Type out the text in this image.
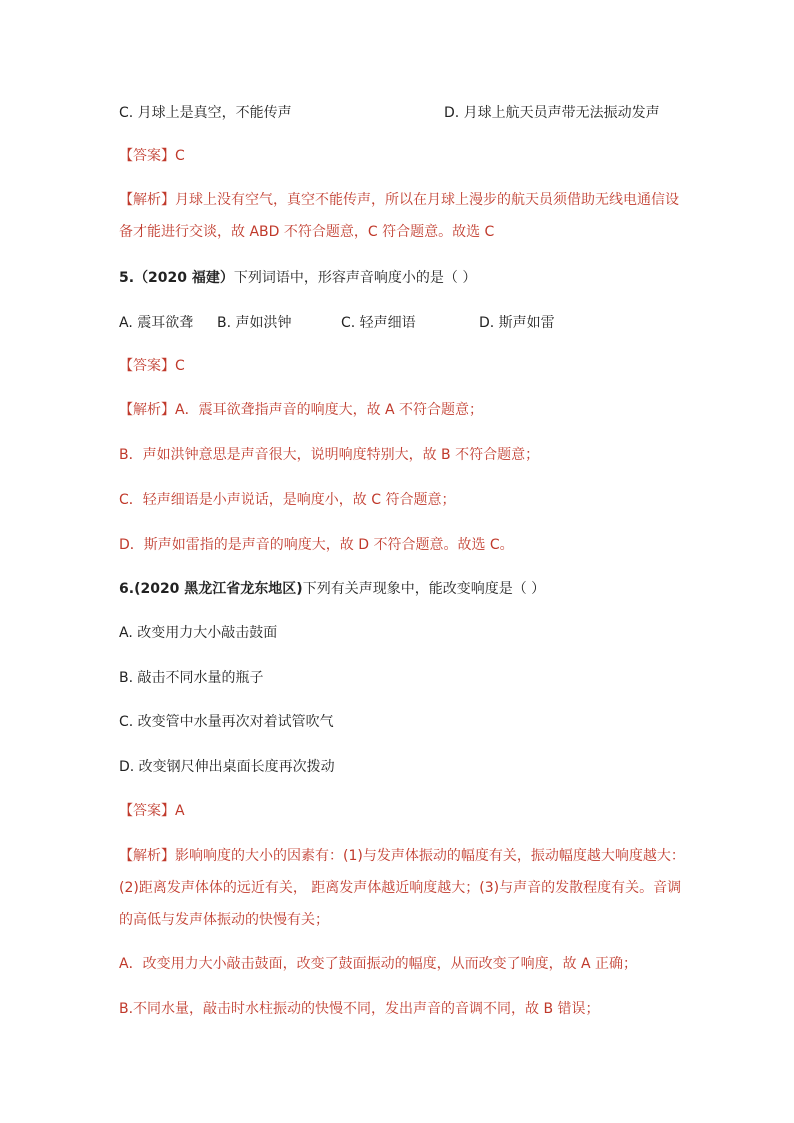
C. 月球上是真空，不能传声	D. 月球上航天员声带无法振动发声
【答案】C
【解析】月球上没有空气，真空不能传声，所以在月球上漫步的航天员须借助无线电通信设
备才能进行交谈，故 ABD 不符合题意，C 符合题意。故选 C
5.（2020 福建）下列词语中，形容声音响度小的是（ ）
A. 震耳欲聋 B. 声如洪钟	C. 轻声细语	D. 斯声如雷
【答案】C
【解析】A．震耳欲聋指声音的响度大，故 A 不符合题意；
B．声如洪钟意思是声音很大，说明响度特别大，故 B 不符合题意；
C．轻声细语是小声说话，是响度小，故 C 符合题意；
D．斯声如雷指的是声音的响度大，故 D 不符合题意。故选 C。
6.(2020 黑龙江省龙东地区)下列有关声现象中，能改变响度是（ ）
A. 改变用力大小敲击鼓面
B. 敲击不同水量的瓶子
C. 改变管中水量再次对着试管吹气
D. 改变钢尺伸出桌面长度再次拨动
【答案】A
【解析】影响响度的大小的因素有：(1)与发声体振动的幅度有关，振动幅度越大响度越大：
(2)距离发声体体的远近有关， 距离发声体越近响度越大；(3)与声音的发散程度有关。音调
的高低与发声体振动的快慢有关；
A．改变用力大小敲击鼓面，改变了鼓面振动的幅度，从而改变了响度，故 A 正确；
B.不同水量，敲击时水柱振动的快慢不同，发出声音的音调不同，故 B 错误；
